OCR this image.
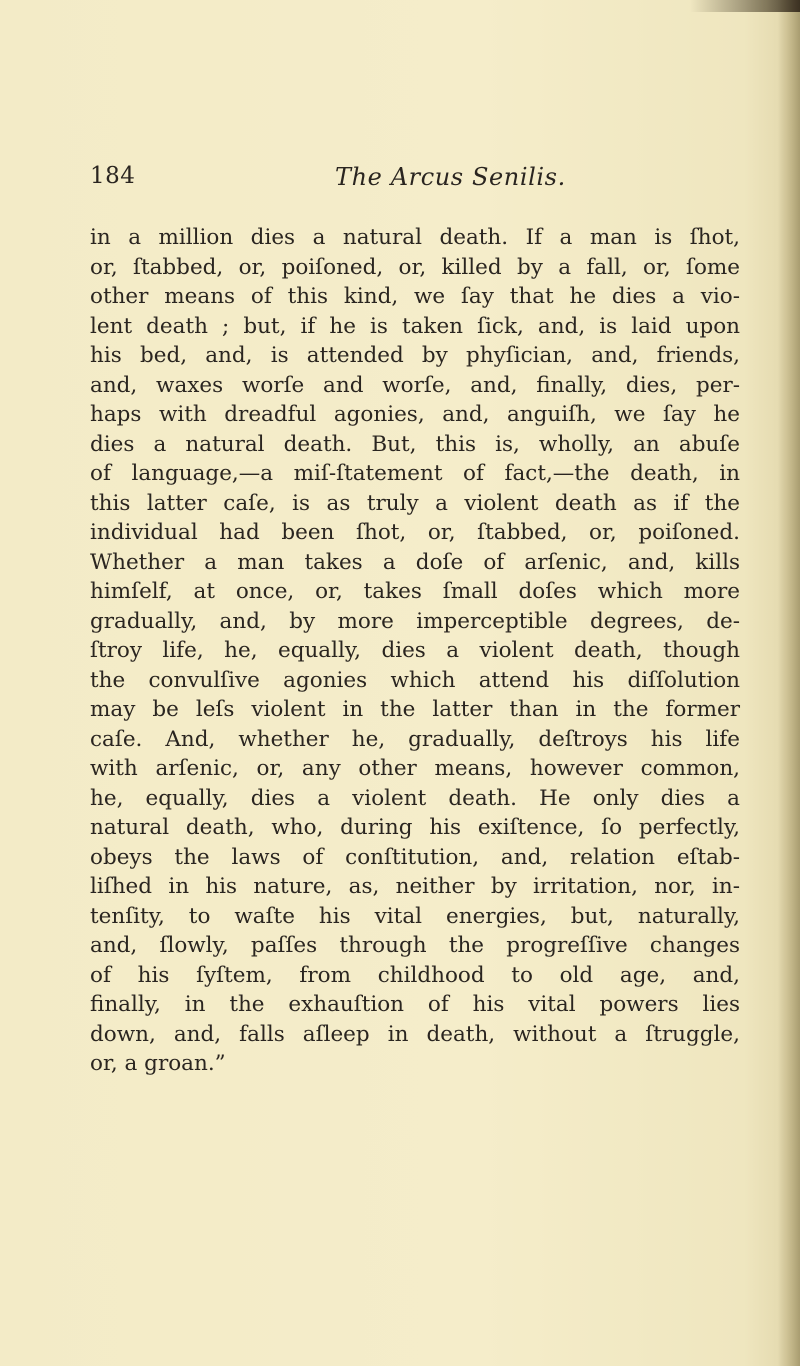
184	The Arcus Senilis.
in a million dies a natural death. If a man is ſhot,
or, ſtabbed, or, poiſoned, or, killed by a fall, or, ſome
other means of this kind, we ſay that he dies a vio-
lent death ; but, if he is taken ſick, and, is laid upon
his bed, and, is attended by phyſician, and, friends,
and, waxes worſe and worſe, and, finally, dies, per-
haps with dreadful agonies, and, anguiſh, we ſay he
dies a natural death. But, this is, wholly, an abuſe
of language,—a miſ-ſtatement of fact,—the death, in
this latter caſe, is as truly a violent death as if the
individual had been ſhot, or, ſtabbed, or, poiſoned.
Whether a man takes a doſe of arſenic, and, kills
himſelf, at once, or, takes ſmall doſes which more
gradually, and, by more imperceptible degrees, de-
ſtroy life, he, equally, dies a violent death, though
the convulſive agonies which attend his diſſolution
may be leſs violent in the latter than in the former
caſe. And, whether he, gradually, deſtroys his life
with arſenic, or, any other means, however common,
he, equally, dies a violent death. He only dies a
natural death, who, during his exiſtence, ſo perfectly,
obeys the laws of conſtitution, and, relation eſtab-
liſhed in his nature, as, neither by irritation, nor, in-
tenſity, to waſte his vital energies, but, naturally,
and, ſlowly, paſſes through the progreſſive changes
of his ſyſtem, from childhood to old age, and,
finally, in the exhauſtion of his vital powers lies
down, and, falls aſleep in death, without a ſtruggle,
or, a groan.”
